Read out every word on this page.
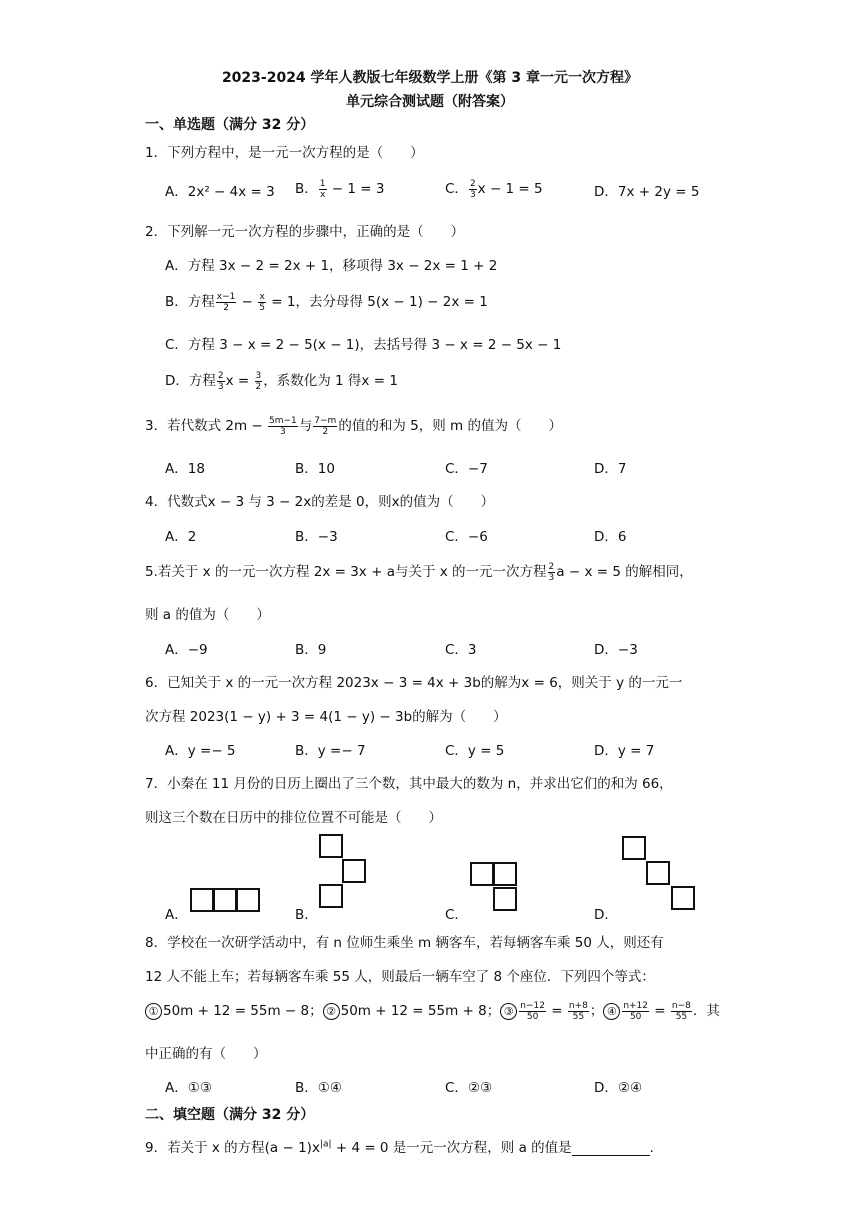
2023-2024 学年人教版七年级数学上册《第 3 章一元一次方程》
单元综合测试题（附答案）
一、单选题（满分 32 分）
1．下列方程中，是一元一次方程的是（　　）
A．2x² − 4x = 3 B． $\frac{1}{x} - 1 = 3$	C． $\frac{2}{3}$ x − 1 = 5	D．7x + 2y = 5
2．下列解一元一次方程的步骤中，正确的是（　　）
A．方程 3x − 2 = 2x + 1，移项得 3x − 2x = 1 + 2
B．方程 $\frac{x-1}{2} - \frac{x}{5} = 1$，去分母得 5(x − 1) − 2x = 1
C．方程 3 − x = 2 − 5(x − 1)，去括号得 3 − x = 2 − 5x − 1
D．方程 $\frac{2}{3}$ $x = \frac{3}{2}$ ，系数化为 1 得x = 1
3．若代数式 $2m - \frac{5m-1}{3}$ 与 $\frac{7-m}{2}$ 的值的和为 5，则 m 的值为（　　）
A．18	B．10	C．−7	D．7
4．代数式x − 3 与 3 − 2x的差是 0，则x的值为（　　）
A．2	B．−3	C．−6	D．6
5.若关于 x 的一元一次方程 2x = 3x + a与关于 x 的一元一次方程 $\frac{2}{3}$ a − x = 5 的解相同，
则 a 的值为（　　）
A．−9	B．9	C．3	D．−3
6．已知关于 x 的一元一次方程 2023x − 3 = 4x + 3b的解为x = 6，则关于 y 的一元一
次方程 2023(1 − y) + 3 = 4(1 − y) − 3b的解为（　　）
A．y =− 5	B．y =− 7	C．y = 5	D．y = 7
7．小秦在 11 月份的日历上圈出了三个数，其中最大的数为 n，并求出它们的和为 66，
则这三个数在日历中的排位位置不可能是（　　）
A．	B．	C．	D．
8．学校在一次研学活动中，有 n 位师生乘坐 m 辆客车，若每辆客车乘 50 人，则还有
12 人不能上车；若每辆客车乘 55 人，则最后一辆车空了 8 个座位．下列四个等式：
① 50m + 12 = 55m − 8； ② 50m + 12 = 55m + 8； ③ $\frac{n-12}{50} = \frac{n+8}{55}$ ； ④ $\frac{n+12}{50} = \frac{n-8}{55}$ ．其
中正确的有（　　）
A．①③	B．①④	C．②③	D．②④
二、填空题（满分 32 分）
9．若关于 x 的方程$(a - 1)x^{|a|} + 4 = 0$ 是一元一次方程，则 a 的值是	．
